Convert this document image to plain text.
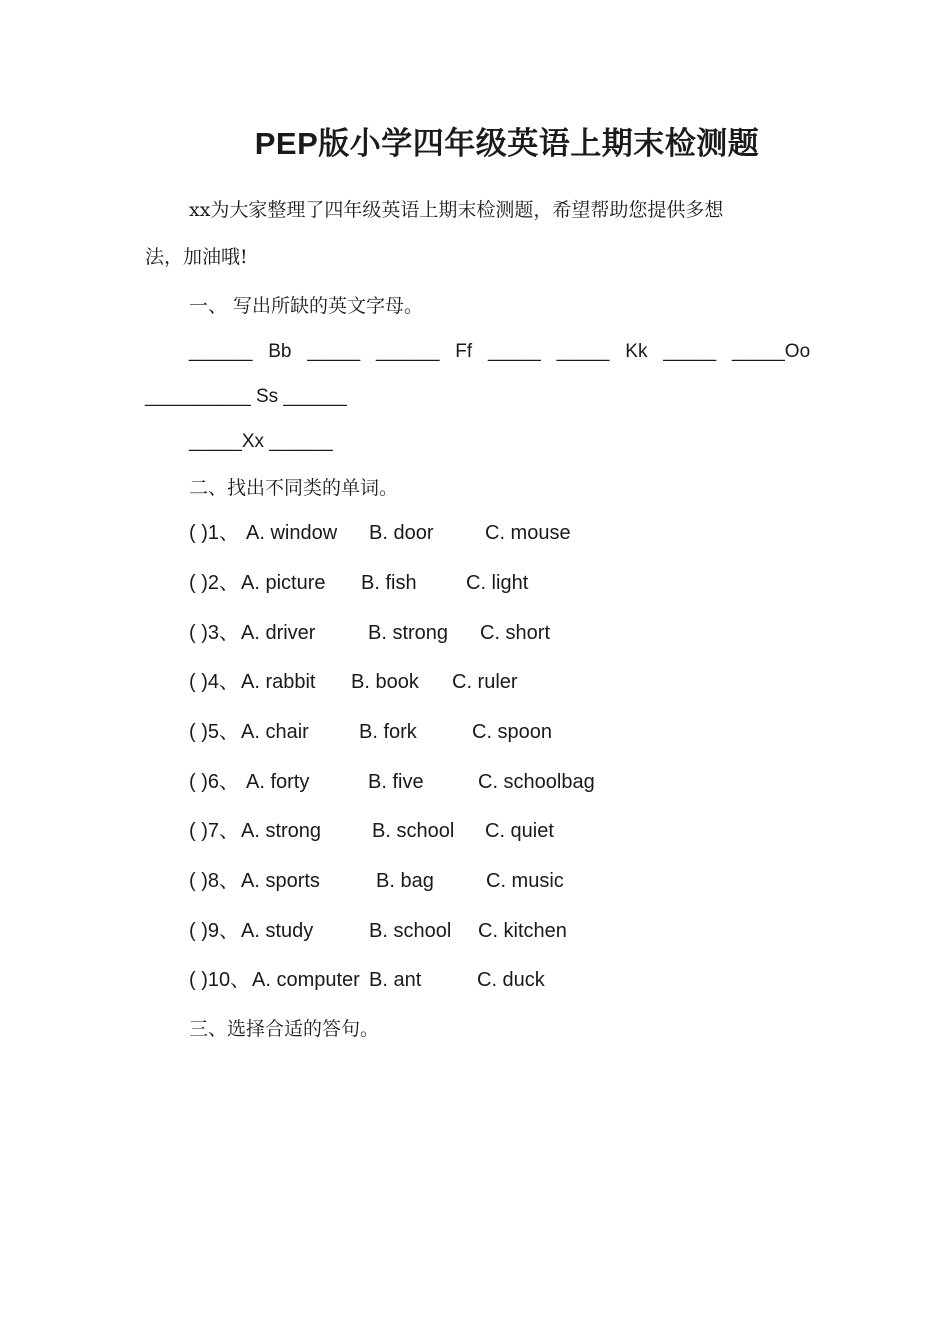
PEP版小学四年级英语上期末检测题
xx为大家整理了四年级英语上期末检测题，希望帮助您提供多想
法，加油哦!
一、 写出所缺的英文字母。
______   Bb   _____   ______   Ff   _____   _____   Kk   _____   _____Oo
__________ Ss ______
_____Xx ______
二、找出不同类的单词。
( )1、 A. window B. door	C. mouse
( )2、 A. picture B. fish C. light
( )3、 A. driver	B. strong C. short
( )4、 A. rabbit B. book C. ruler
( )5、 A. chair	B. fork	C. spoon
( )6、 A. forty	B. five	C. schoolbag
( )7、 A. strong	B. school C. quiet
( )8、 A. sports	B. bag	C. music
( )9、 A. study	B. school C. kitchen
( )10、 A. computer B. ant	C. duck
三、选择合适的答句。
